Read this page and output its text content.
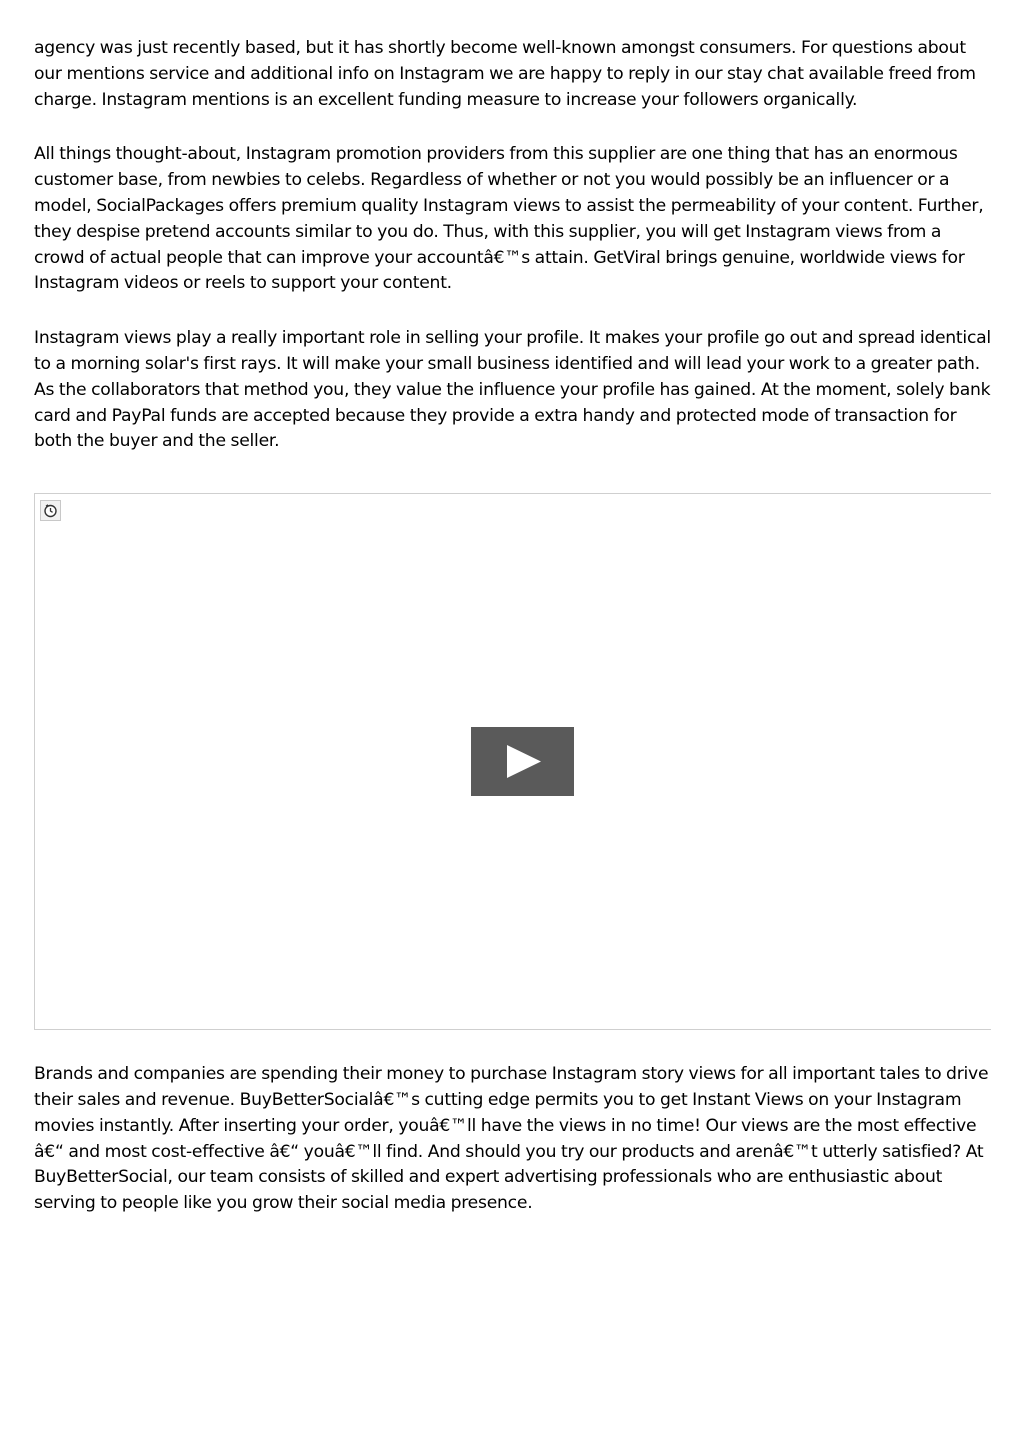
agency was just recently based, but it has shortly become well-known amongst consumers. For questions about our mentions service and additional info on Instagram we are happy to reply in our stay chat available freed from charge. Instagram mentions is an excellent funding measure to increase your followers organically.

All things thought-about, Instagram promotion providers from this supplier are one thing that has an enormous customer base, from newbies to celebs. Regardless of whether or not you would possibly be an influencer or a model, SocialPackages offers premium quality Instagram views to assist the permeability of your content. Further, they despise pretend accounts similar to you do. Thus, with this supplier, you will get Instagram views from a crowd of actual people that can improve your accountâ€™s attain. GetViral brings genuine, worldwide views for Instagram videos or reels to support your content.

Instagram views play a really important role in selling your profile. It makes your profile go out and spread identical to a morning solar's first rays. It will make your small business identified and will lead your work to a greater path. As the collaborators that method you, they value the influence your profile has gained. At the moment, solely bank card and PayPal funds are accepted because they provide a extra handy and protected mode of transaction for both the buyer and the seller.

Brands and companies are spending their money to purchase Instagram story views for all important tales to drive their sales and revenue. BuyBetterSocialâ€™s cutting edge permits you to get Instant Views on your Instagram movies instantly. After inserting your order, youâ€™ll have the views in no time! Our views are the most effective â€“ and most cost-effective â€“ youâ€™ll find. And should you try our products and arenâ€™t utterly satisfied? At BuyBetterSocial, our team consists of skilled and expert advertising professionals who are enthusiastic about serving to people like you grow their social media presence.
